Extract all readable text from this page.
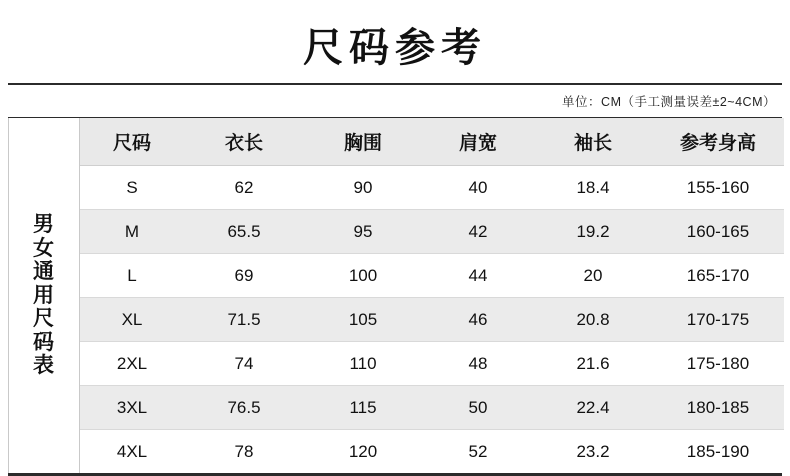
尺码参考
单位：CM（手工测量误差±2~4CM）
男女通用尺码表
尺码	衣长	胸围	肩宽	袖长	参考身高
S	62	90	40	18.4	155-160
M	65.5	95	42	19.2	160-165
L	69	100	44	20	165-170
XL	71.5	105	46	20.8	170-175
2XL	74	110	48	21.6	175-180
3XL	76.5	115	50	22.4	180-185
4XL	78	120	52	23.2	185-190
